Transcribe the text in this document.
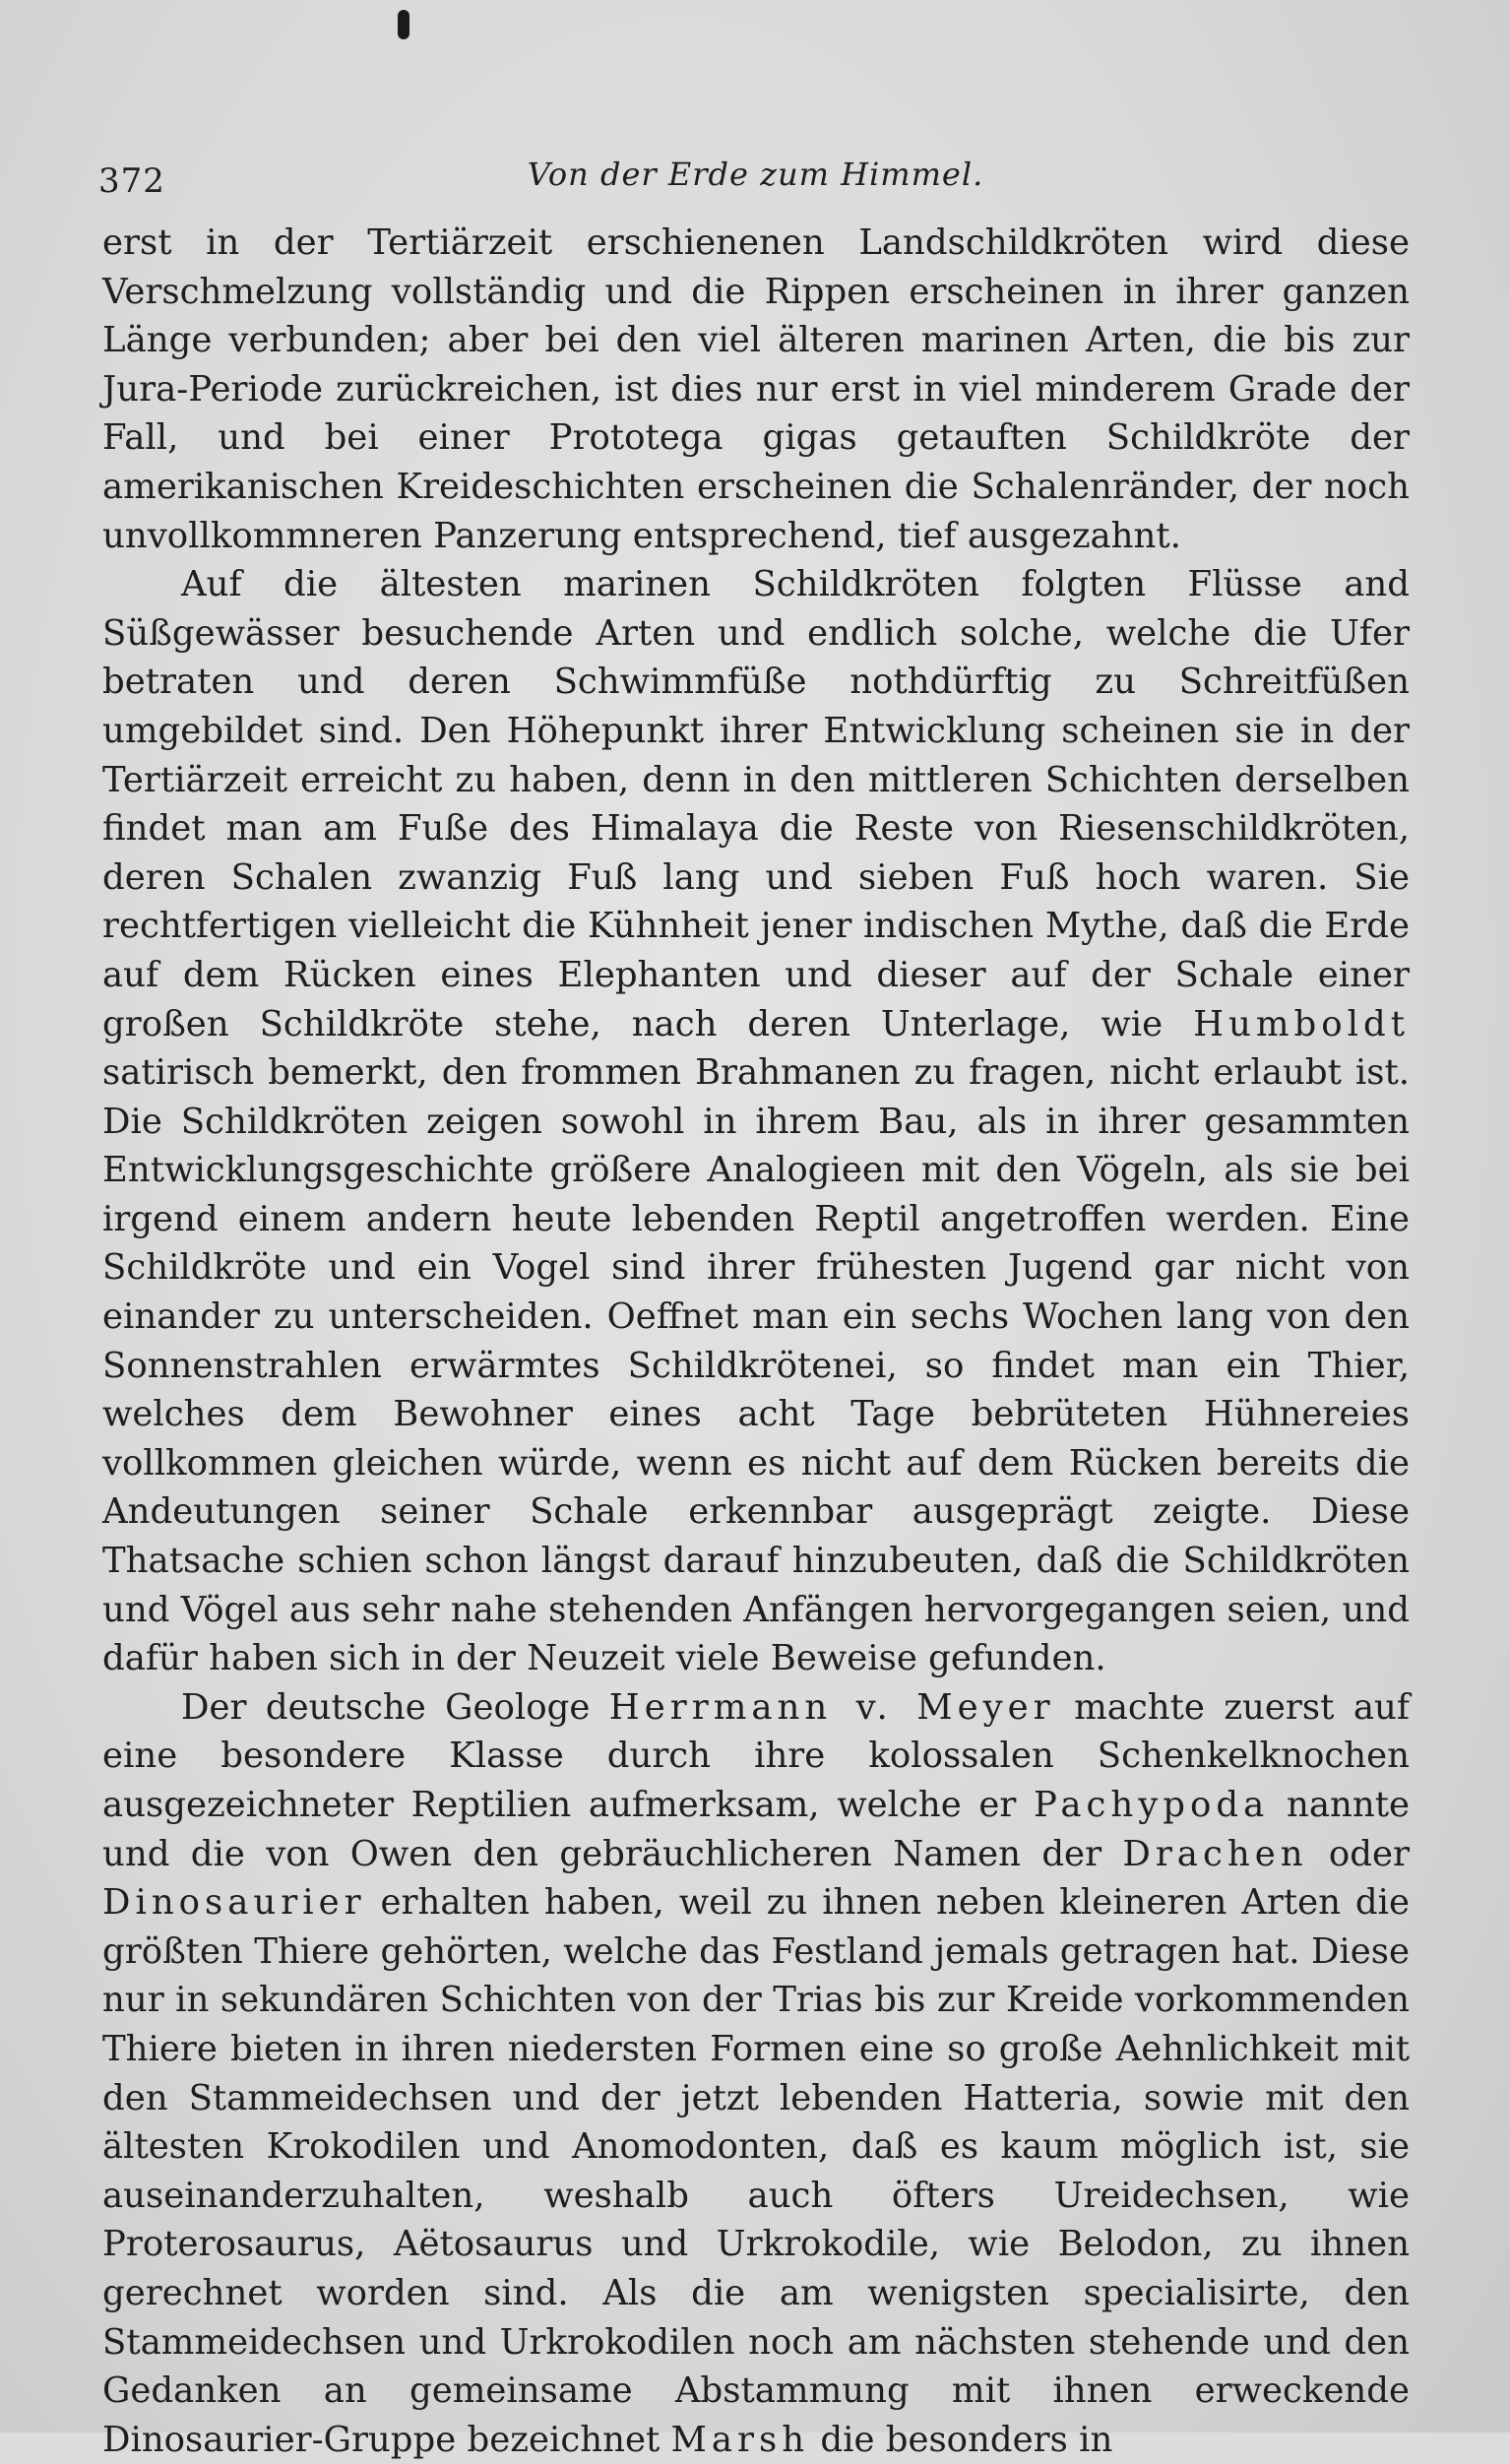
372	Von der Erde zum Himmel.

erst in der Tertiärzeit erschienenen Landschildkröten wird diese Verschmelzung vollständig und die Rippen erscheinen in ihrer ganzen Länge verbunden; aber bei den viel älteren marinen Arten, die bis zur Jura-Periode zurückreichen, ist dies nur erst in viel minderem Grade der Fall, und bei einer Prototega gigas getauften Schildkröte der amerikanischen Kreideschichten erscheinen die Schalenränder, der noch unvollkommneren Panzerung entsprechend, tief ausgezahnt.

Auf die ältesten marinen Schildkröten folgten Flüsse and Süßgewässer besuchende Arten und endlich solche, welche die Ufer betraten und deren Schwimmfüße nothdürftig zu Schreitfüßen umgebildet sind. Den Höhepunkt ihrer Entwicklung scheinen sie in der Tertiärzeit erreicht zu haben, denn in den mittleren Schichten derselben findet man am Fuße des Himalaya die Reste von Riesenschildkröten, deren Schalen zwanzig Fuß lang und sieben Fuß hoch waren. Sie rechtfertigen vielleicht die Kühnheit jener indischen Mythe, daß die Erde auf dem Rücken eines Elephanten und dieser auf der Schale einer großen Schildkröte stehe, nach deren Unterlage, wie Humboldt satirisch bemerkt, den frommen Brahmanen zu fragen, nicht erlaubt ist. Die Schildkröten zeigen sowohl in ihrem Bau, als in ihrer gesammten Entwicklungsgeschichte größere Analogieen mit den Vögeln, als sie bei irgend einem andern heute lebenden Reptil angetroffen werden. Eine Schildkröte und ein Vogel sind ihrer frühesten Jugend gar nicht von einander zu unterscheiden. Oeffnet man ein sechs Wochen lang von den Sonnenstrahlen erwärmtes Schildkrötenei, so findet man ein Thier, welches dem Bewohner eines acht Tage bebrüteten Hühnereies vollkommen gleichen würde, wenn es nicht auf dem Rücken bereits die Andeutungen seiner Schale erkennbar ausgeprägt zeigte. Diese Thatsache schien schon längst darauf hinzubeuten, daß die Schildkröten und Vögel aus sehr nahe stehenden Anfängen hervorgegangen seien, und dafür haben sich in der Neuzeit viele Beweise gefunden.

Der deutsche Geologe Herrmann v. Meyer machte zuerst auf eine besondere Klasse durch ihre kolossalen Schenkelknochen ausgezeichneter Reptilien aufmerksam, welche er Pachypoda nannte und die von Owen den gebräuchlicheren Namen der Drachen oder Dinosaurier erhalten haben, weil zu ihnen neben kleineren Arten die größten Thiere gehörten, welche das Festland jemals getragen hat. Diese nur in sekundären Schichten von der Trias bis zur Kreide vorkommenden Thiere bieten in ihren niedersten Formen eine so große Aehnlichkeit mit den Stammeidechsen und der jetzt lebenden Hatteria, sowie mit den ältesten Krokodilen und Anomodonten, daß es kaum möglich ist, sie auseinanderzuhalten, weshalb auch öfters Ureidechsen, wie Proterosaurus, Aëtosaurus und Urkrokodile, wie Belodon, zu ihnen gerechnet worden sind. Als die am wenigsten specialisirte, den Stammeidechsen und Urkrokodilen noch am nächsten stehende und den Gedanken an gemeinsame Abstammung mit ihnen erweckende Dinosaurier-Gruppe bezeichnet Marsh die besonders in
